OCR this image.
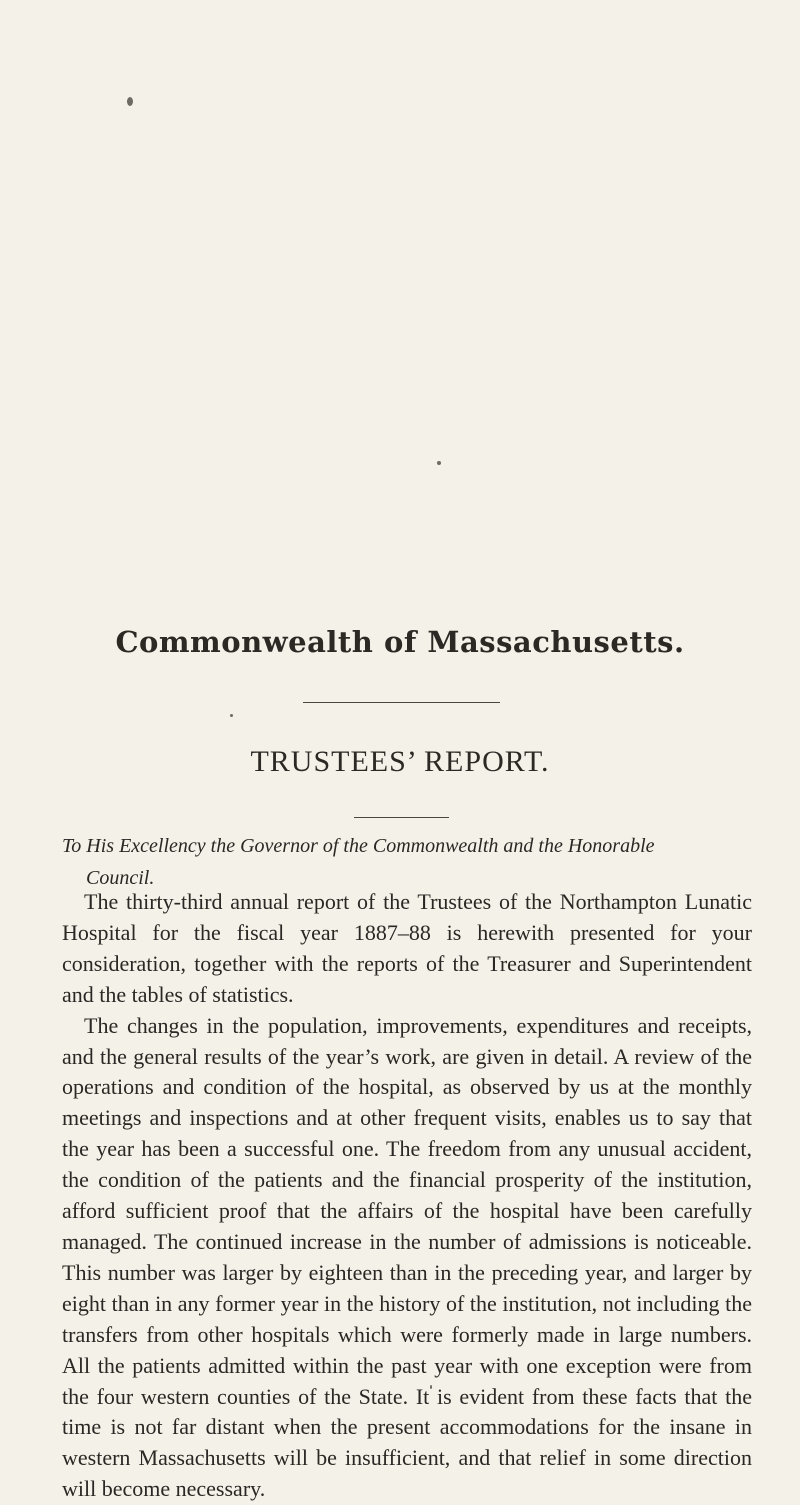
Commonwealth of Massachusetts.
TRUSTEES’ REPORT.
To His Excellency the Governor of the Commonwealth and the Honorable
Council.

The thirty-third annual report of the Trustees of the Northampton Lunatic Hospital for the fiscal year 1887–88 is herewith presented for your consideration, together with the reports of the Treasurer and Superintendent and the tables of statistics.

The changes in the population, improvements, expenditures and receipts, and the general results of the year’s work, are given in detail. A review of the operations and condition of the hospital, as observed by us at the monthly meetings and inspections and at other frequent visits, enables us to say that the year has been a successful one. The freedom from any unusual accident, the condition of the patients and the financial prosperity of the institution, afford sufficient proof that the affairs of the hospital have been carefully managed. The continued increase in the number of admissions is noticeable. This number was larger by eighteen than in the preceding year, and larger by eight than in any former year in the history of the institution, not including the transfers from other hospitals which were formerly made in large numbers. All the patients admitted within the past year with one exception were from the four western counties of the State. It is evident from these facts that the time is not far distant when the present accommodations for the insane in western Massachusetts will be insufficient, and that relief in some direction will become necessary.
